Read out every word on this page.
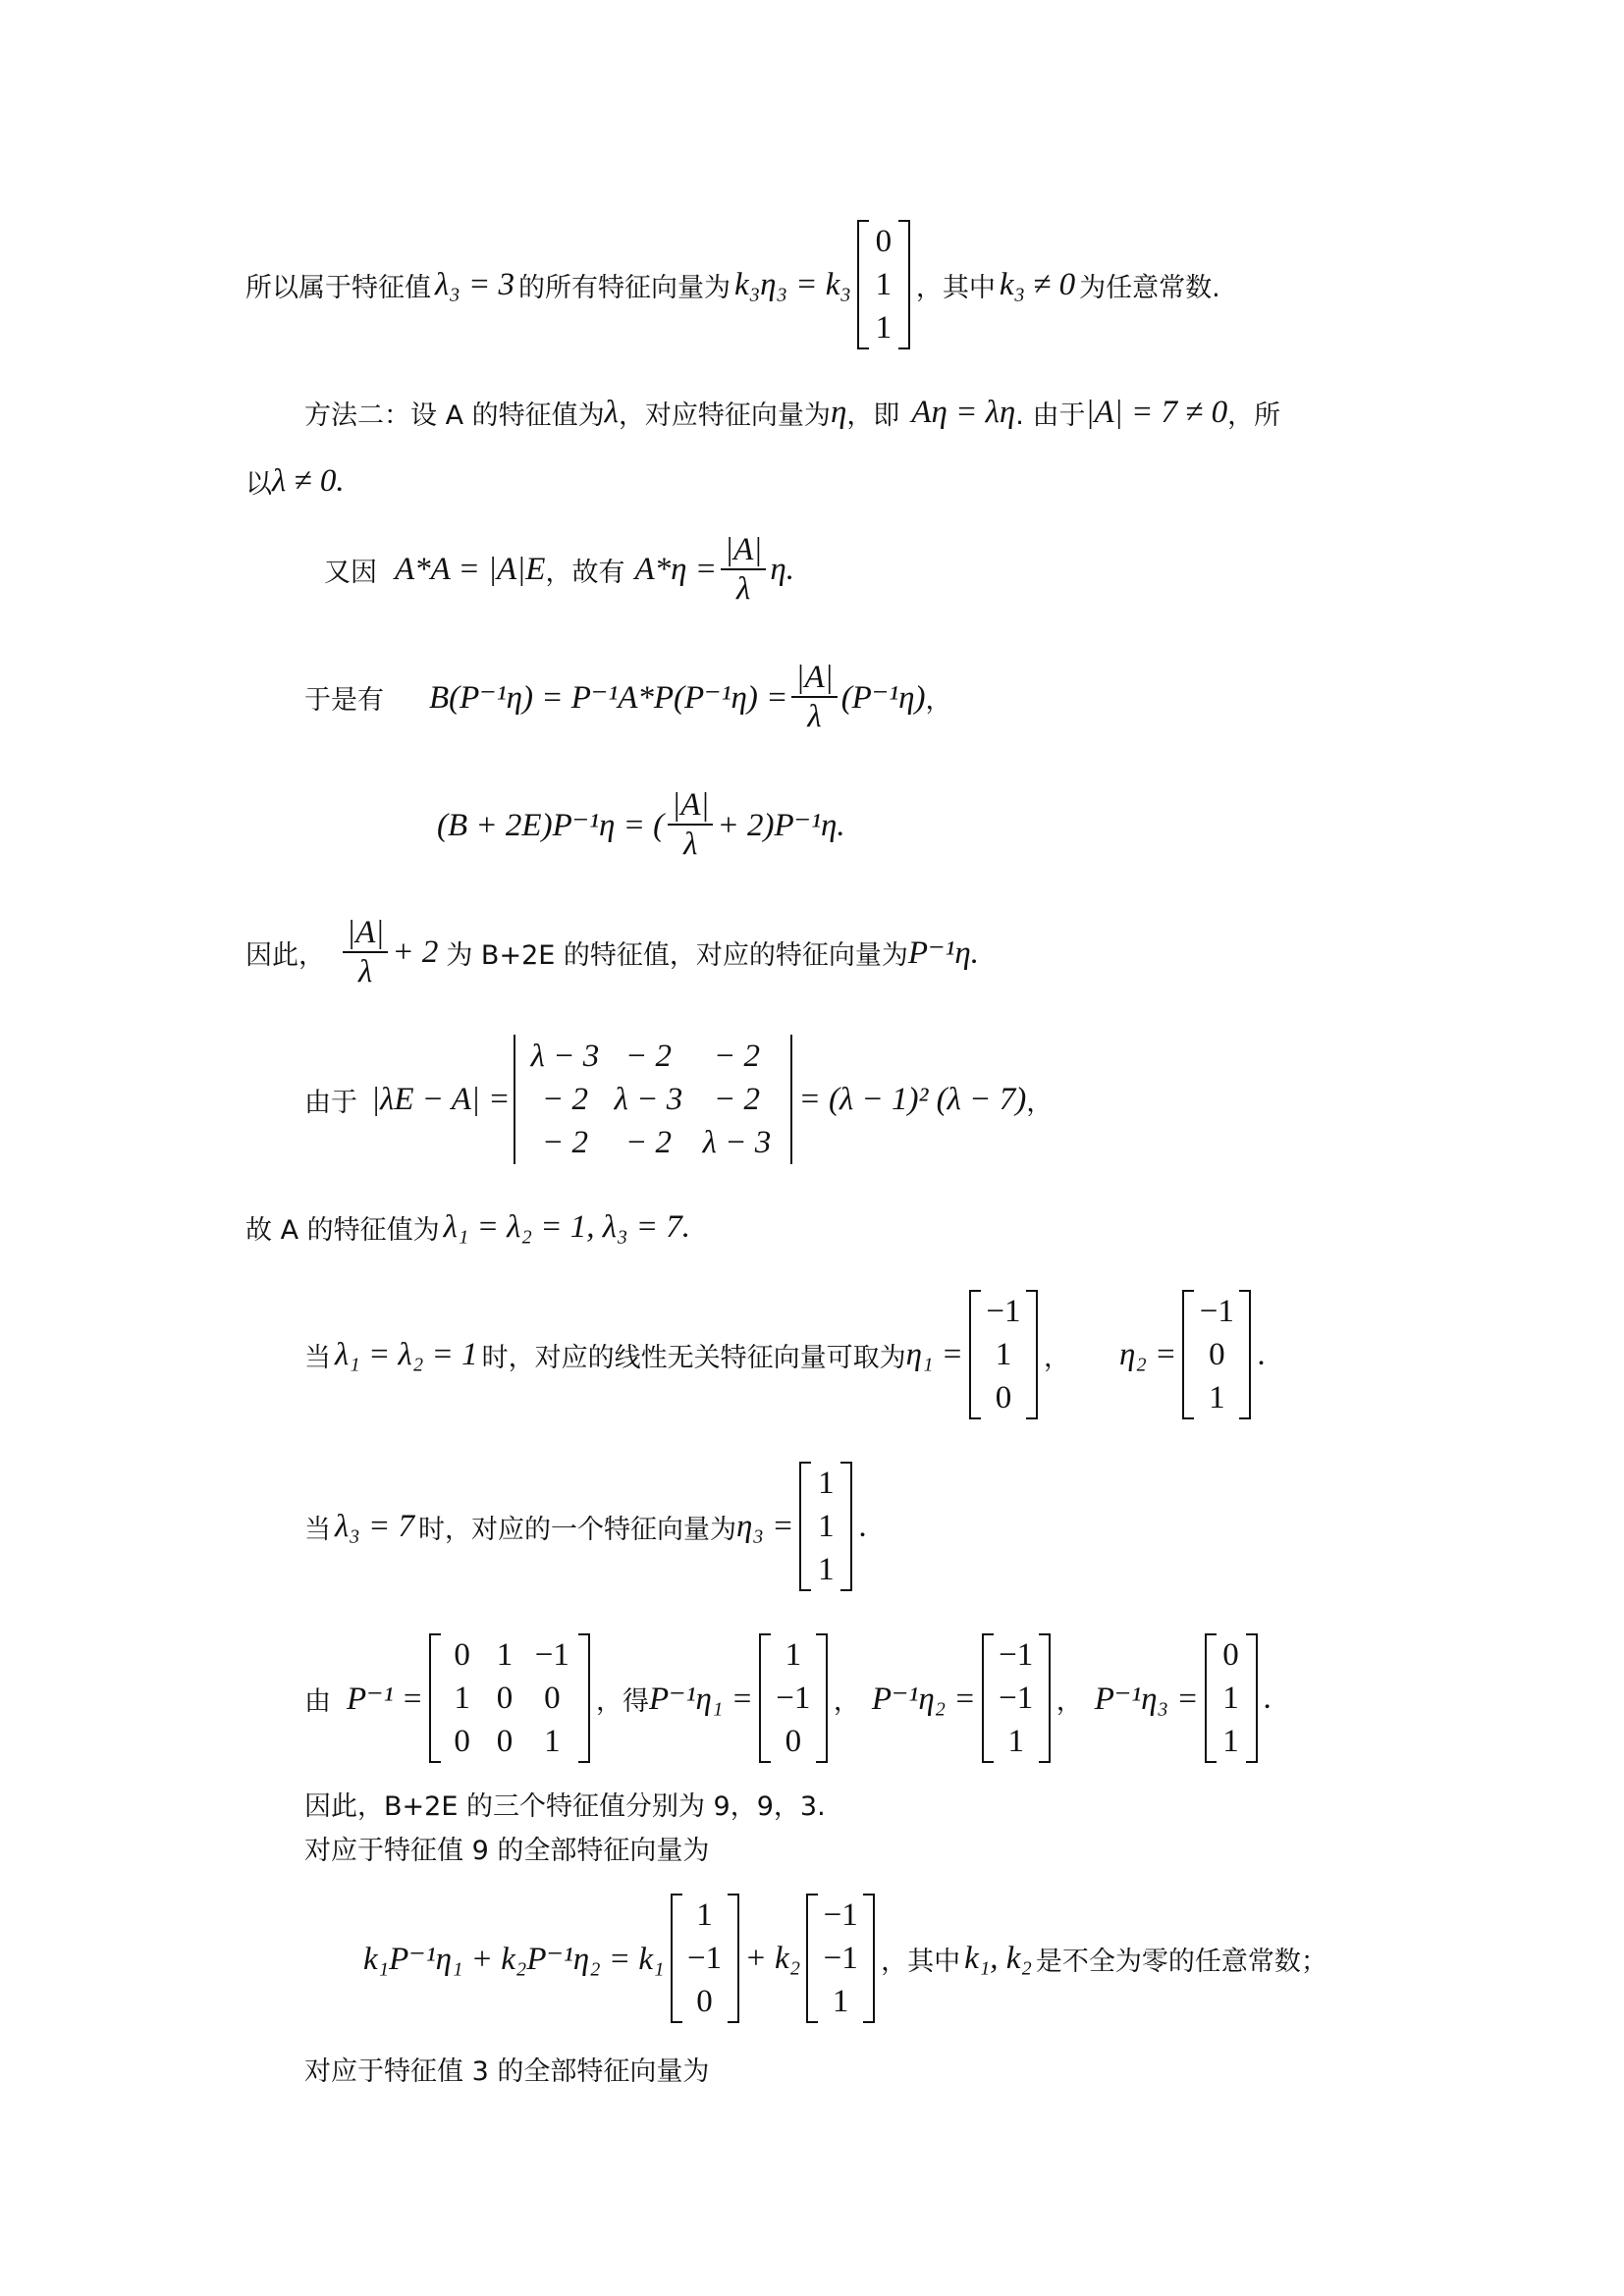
所以属于特征值 λ₃ = 3 的所有特征向量为 k₃η₃ = k₃
0
1
1
，其中 k₃ ≠ 0 为任意常数.
方法二：设 A 的特征值为 λ ，对应特征向量为 η ，即 Aη = λη . 由于 |A| = 7 ≠ 0 ，所
以 λ ≠ 0.
又因 A*A = |A|E ，故有 $A*\eta = \frac{|A|}{\lambda} \eta$.
于是有 $B(P^{-1}\eta) = P^{-1}A*P(P^{-1}\eta) = \frac{|A|}{\lambda} (P^{-1}\eta)$ ，
(B + 2E)P⁻¹η = ( $\frac{|A|}{\lambda} + 2)P^{-1}\eta$.
因此， $\frac{|A|}{\lambda} + 2$ 为 B+2E 的特征值，对应的特征向量为 P⁻¹η.
由于 |λE − A| =
λ − 3 − 2	− 2
− 2 λ − 3 − 2
− 2	− 2 λ − 3
= (λ − 1)² (λ − 7) ，
故 A 的特征值为 λ₁ = λ₂ = 1, λ₃ = 7.
当 λ₁ = λ₂ = 1 时，对应的线性无关特征向量可取为 η₁ =
−1
1
0
， η₂ =
−1
0
1
.
当 λ₃ = 7 时，对应的一个特征向量为 η₃ =
1
1
1
.
由 P⁻¹ =
0 1 −1
1 0 0
0 0 1
，得 P⁻¹η₁ =
1
−1
0
， P⁻¹η₂ =
−1
−1
1
， P⁻¹η₃ =
0
1
1
.
因此，B+2E 的三个特征值分别为 9，9，3.
对应于特征值 9 的全部特征向量为
k₁P⁻¹η₁ + k₂P⁻¹η₂ = k₁
1
−1
0
+ k₂
−1
−1
1
，其中 k₁, k₂ 是不全为零的任意常数；
对应于特征值 3 的全部特征向量为
